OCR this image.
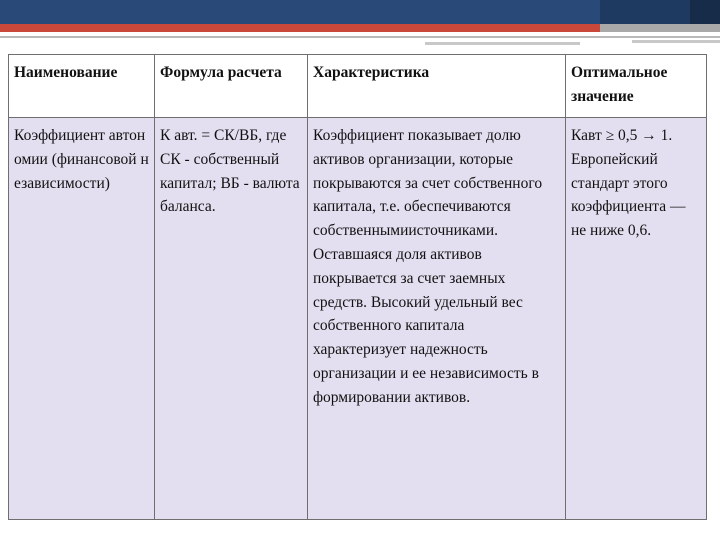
Наименование	Формула расчета	Характеристика	Оптимальное значение
Коэффициент автономии (финансовой независимости)	К авт. = СК/ВБ, где СК - собственный капитал; ВБ - валюта баланса.	Коэффициент показывает долю активов организации, которые покрываются за счет собственного капитала, т.е. обеспечиваются собственнымиисточниками. Оставшаяся доля активов покрывается за счет заемных средств. Высокий удельный вес собственного капитала характеризует надежность организации и ее независимость в формировании активов.	Кавт ≥ 0,5 → 1. Европейский стандарт этого коэффициента — не ниже 0,6.
